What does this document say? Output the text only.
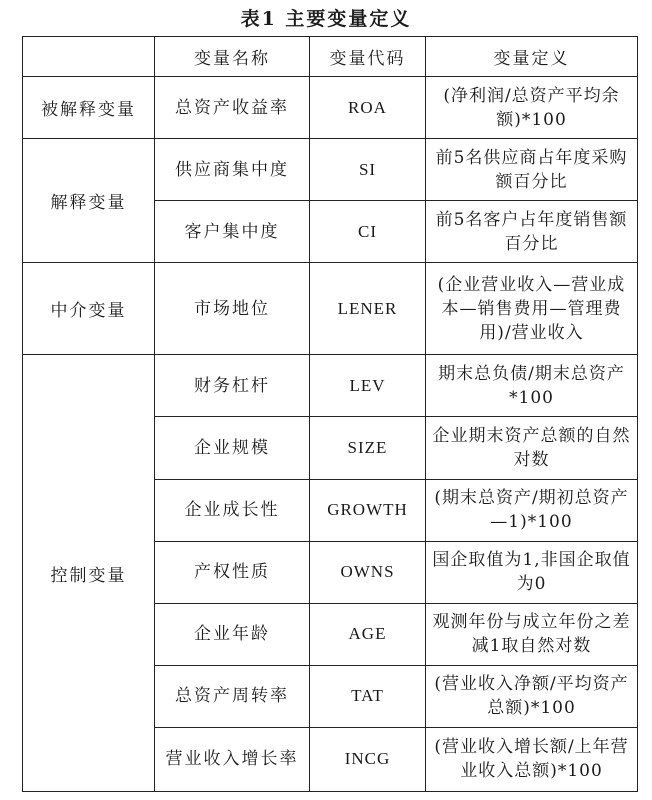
表1 主要变量定义
	变量名称	变量代码	变量定义
被解释变量	总资产收益率	ROA	(净利润/总资产平均余额)*100
解释变量	供应商集中度	SI	前5名供应商占年度采购额百分比
	客户集中度	CI	前5名客户占年度销售额百分比
中介变量	市场地位	LENER	(企业营业收入—营业成本—销售费用—管理费用)/营业收入
控制变量	财务杠杆	LEV	期末总负债/期末总资产*100
	企业规模	SIZE	企业期末资产总额的自然对数
	企业成长性	GROWTH	(期末总资产/期初总资产—1)*100
	产权性质	OWNS	国企取值为1,非国企取值为0
	企业年龄	AGE	观测年份与成立年份之差减1取自然对数
	总资产周转率	TAT	(营业收入净额/平均资产总额)*100
	营业收入增长率	INCG	(营业收入增长额/上年营业收入总额)*100
